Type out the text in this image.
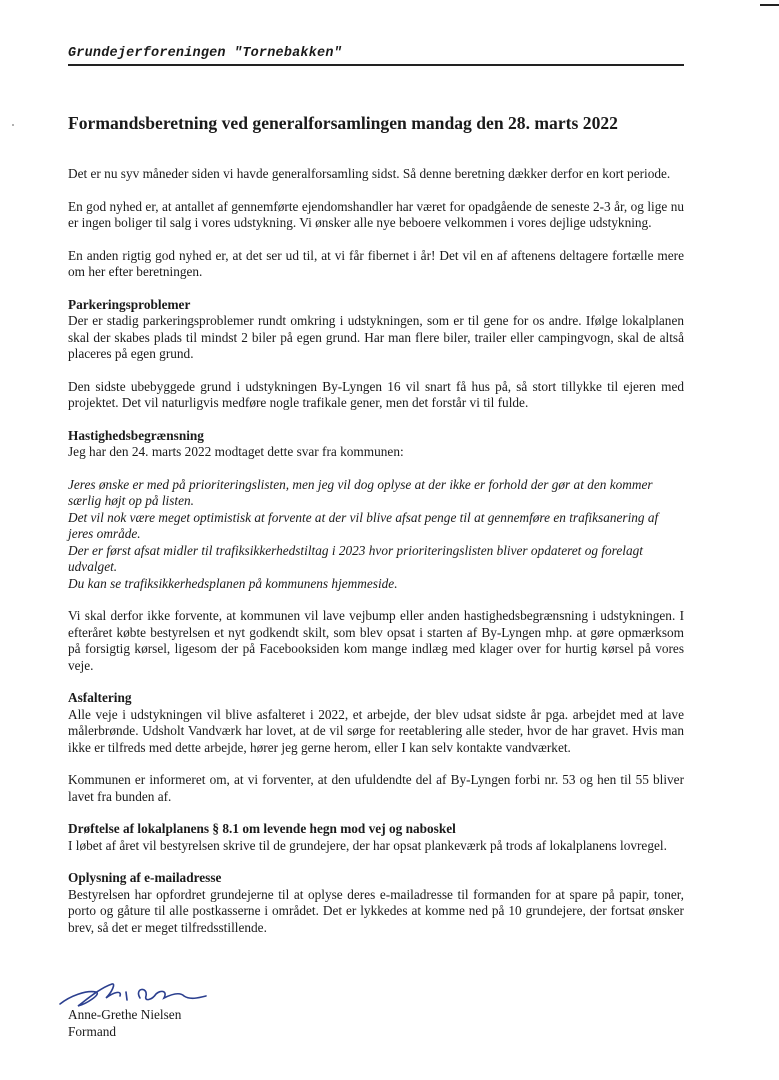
Grundejerforeningen "Tornebakken"
Formandsberetning ved generalforsamlingen mandag den 28. marts 2022

Det er nu syv måneder siden vi havde generalforsamling sidst. Så denne beretning dækker derfor en kort periode.

En god nyhed er, at antallet af gennemførte ejendomshandler har været for opadgående de seneste 2-3 år, og lige nu er ingen boliger til salg i vores udstykning. Vi ønsker alle nye beboere velkommen i vores dejlige udstykning.

En anden rigtig god nyhed er, at det ser ud til, at vi får fibernet i år! Det vil en af aftenens deltagere fortælle mere om her efter beretningen.

Parkeringsproblemer

Der er stadig parkeringsproblemer rundt omkring i udstykningen, som er til gene for os andre. Ifølge lokalplanen skal der skabes plads til mindst 2 biler på egen grund. Har man flere biler, trailer eller campingvogn, skal de altså placeres på egen grund.

Den sidste ubebyggede grund i udstykningen By-Lyngen 16 vil snart få hus på, så stort tillykke til ejeren med projektet. Det vil naturligvis medføre nogle trafikale gener, men det forstår vi til fulde.

Hastighedsbegrænsning

Jeg har den 24. marts 2022 modtaget dette svar fra kommunen:

Jeres ønske er med på prioriteringslisten, men jeg vil dog oplyse at der ikke er forhold der gør at den kommer særlig højt op på listen.

Det vil nok være meget optimistisk at forvente at der vil blive afsat penge til at gennemføre en trafiksanering af jeres område.

Der er først afsat midler til trafiksikkerhedstiltag i 2023 hvor prioriteringslisten bliver opdateret og forelagt udvalget.

Du kan se trafiksikkerhedsplanen på kommunens hjemmeside.

Vi skal derfor ikke forvente, at kommunen vil lave vejbump eller anden hastighedsbegrænsning i udstykningen. I efteråret købte bestyrelsen et nyt godkendt skilt, som blev opsat i starten af By-Lyngen mhp. at gøre opmærksom på forsigtig kørsel, ligesom der på Facebooksiden kom mange indlæg med klager over for hurtig kørsel på vores veje.

Asfaltering

Alle veje i udstykningen vil blive asfalteret i 2022, et arbejde, der blev udsat sidste år pga. arbejdet med at lave målerbrønde. Udsholt Vandværk har lovet, at de vil sørge for reetablering alle steder, hvor de har gravet. Hvis man ikke er tilfreds med dette arbejde, hører jeg gerne herom, eller I kan selv kontakte vandværket.

Kommunen er informeret om, at vi forventer, at den ufuldendte del af By-Lyngen forbi nr. 53 og hen til 55 bliver lavet fra bunden af.

Drøftelse af lokalplanens § 8.1 om levende hegn mod vej og naboskel

I løbet af året vil bestyrelsen skrive til de grundejere, der har opsat plankeværk på trods af lokalplanens lovregel.

Oplysning af e-mailadresse

Bestyrelsen har opfordret grundejerne til at oplyse deres e-mailadresse til formanden for at spare på papir, toner, porto og gåture til alle postkasserne i området. Det er lykkedes at komme ned på 10 grundejere, der fortsat ønsker brev, så det er meget tilfredsstillende.

Anne-Grethe Nielsen
Formand
